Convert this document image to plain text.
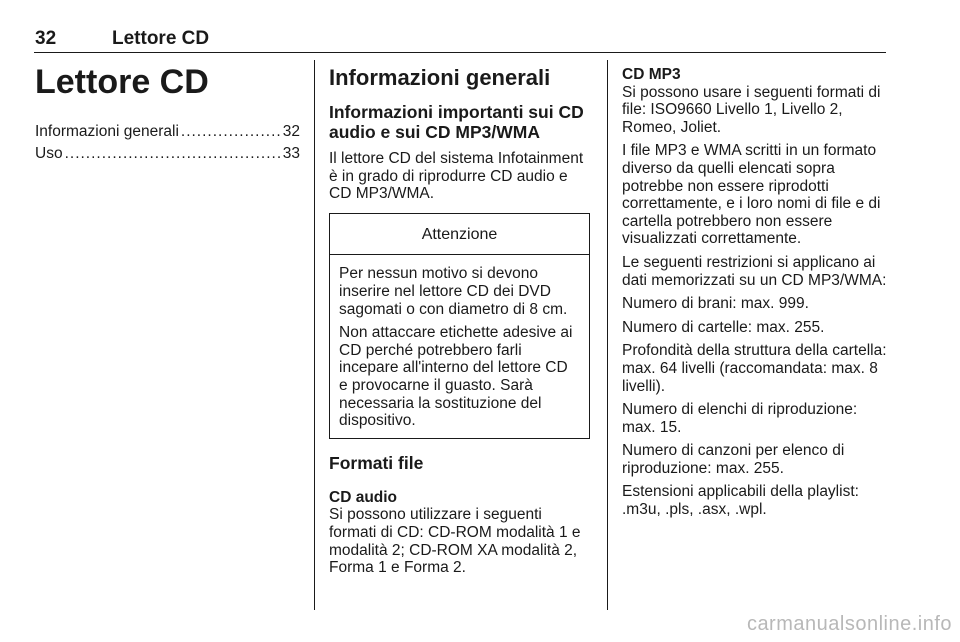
32	Lettore CD
Lettore CD
Informazioni generali .....	32
Uso .....	33
Informazioni generali
Informazioni importanti sui CD audio e sui CD MP3/WMA

Il lettore CD del sistema Infotainment è in grado di riprodurre CD audio e CD MP3/WMA.

Attenzione

Per nessun motivo si devono inserire nel lettore CD dei DVD sagomati o con diametro di 8 cm.

Non attaccare etichette adesive ai CD perché potrebbero farli incepare all'interno del lettore CD e provocarne il guasto. Sarà necessaria la sostituzione del dispositivo.

Formati file
CD audio

Si possono utilizzare i seguenti formati di CD: CD-ROM modalità 1 e modalità 2; CD-ROM XA modalità 2, Forma 1 e Forma 2.

CD MP3

Si possono usare i seguenti formati di file: ISO9660 Livello 1, Livello 2, Romeo, Joliet.

I file MP3 e WMA scritti in un formato diverso da quelli elencati sopra potrebbe non essere riprodotti correttamente, e i loro nomi di file e di cartella potrebbero non essere visualizzati correttamente.

Le seguenti restrizioni si applicano ai dati memorizzati su un CD MP3/WMA:

Numero di brani: max. 999.

Numero di cartelle: max. 255.

Profondità della struttura della cartella: max. 64 livelli (raccomandata: max. 8 livelli).

Numero di elenchi di riproduzione: max. 15.

Numero di canzoni per elenco di riproduzione: max. 255.

Estensioni applicabili della playlist: .m3u, .pls, .asx, .wpl.

carmanualsonline.info
